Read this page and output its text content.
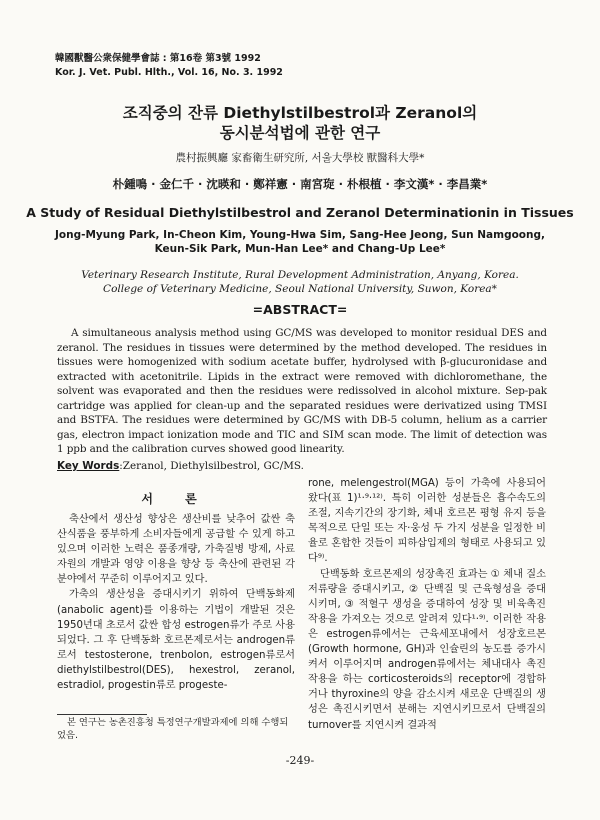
韓國獸醫公衆保健學會誌 : 第16卷 第3號 1992
Kor. J. Vet. Publ. Hlth., Vol. 16, No. 3. 1992
조직중의 잔류 Diethylstilbestrol과 Zeranol의
동시분석법에 관한 연구
農村振興廳 家畜衛生研究所, 서울大學校 獸醫科大學*
朴鍾鳴 · 金仁千 · 沈暎和 · 鄭祥憲 · 南宮琁 · 朴根植 · 李文漢* · 李昌業*
A Study of Residual Diethylstilbestrol and Zeranol Determinationin in Tissues
Jong-Myung Park, In-Cheon Kim, Young-Hwa Sim, Sang-Hee Jeong, Sun Namgoong,
Keun-Sik Park, Mun-Han Lee* and Chang-Up Lee*
Veterinary Research Institute, Rural Development Administration, Anyang, Korea.
College of Veterinary Medicine, Seoul National University, Suwon, Korea*
=ABSTRACT=
A simultaneous analysis method using GC/MS was developed to monitor residual DES and zeranol. The residues in tissues were determined by the method developed. The residues in tissues were homogenized with sodium acetate buffer, hydrolysed with β-glucuronidase and extracted with acetonitrile. Lipids in the extract were removed with dichloromethane, the solvent was evaporated and then the residues were redissolved in alcohol mixture. Sep-pak cartridge was applied for clean-up and the separated residues were derivatized using TMSI and BSTFA. The residues were determined by GC/MS with DB-5 column, helium as a carrier gas, electron impact ionization mode and TIC and SIM scan mode. The limit of detection was 1 ppb and the calibration curves showed good linearity.
Key Words:Zeranol, Diethylsilbestrol, GC/MS.
서 론

축산에서 생산성 향상은 생산비를 낮추어 값싼 축산식품을 풍부하게 소비자들에게 공급할 수 있게 하고 있으며 이러한 노력은 품종개량, 가축질병 방제, 사료자원의 개발과 영양 이용을 향상 등 축산에 관련된 각 분야에서 꾸준히 이루어지고 있다.

가축의 생산성을 증대시키기 위하여 단백동화제(anabolic agent)를 이용하는 기법이 개발된 것은 1950년대 초로서 값싼 합성 estrogen류가 주로 사용되었다. 그 후 단백동화 호르몬제로서는 androgen류로서 testosterone, trenbolon, estrogen류로서 diethylstilbestrol(DES), hexestrol, zeranol, estradiol, progestin류로 progeste-

rone, melengestrol(MGA) 등이 가축에 사용되어 왔다(표 1)¹·⁹·¹²⁾. 특히 이러한 성분들은 흡수속도의 조절, 지속기간의 장기화, 체내 호르몬 평형 유지 등을 목적으로 단일 또는 자·웅성 두 가지 성분을 일정한 비율로 혼합한 것들이 피하삽입제의 형태로 사용되고 있다⁹⁾.

단백동화 호르몬제의 성장촉진 효과는 ① 체내 질소 저류량을 증대시키고, ② 단백질 및 근육형성을 증대시키며, ③ 적혈구 생성을 증대하여 성장 및 비육촉진 작용을 가져오는 것으로 알려져 있다¹·⁹⁾. 이러한 작용은 estrogen류에서는 근육세포내에서 성장호르몬(Growth hormone, GH)과 인슐린의 농도를 증가시켜서 이루어지며 androgen류에서는 체내대사 촉진 작용을 하는 corticosteroids의 receptor에 경합하거나 thyroxine의 양을 감소시켜 새로운 단백질의 생성은 촉진시키면서 분해는 지연시키므로서 단백질의 turnover를 지연시켜 결과적

본 연구는 농촌진흥청 특정연구개발과제에 의해 수행되었음.
-249-
